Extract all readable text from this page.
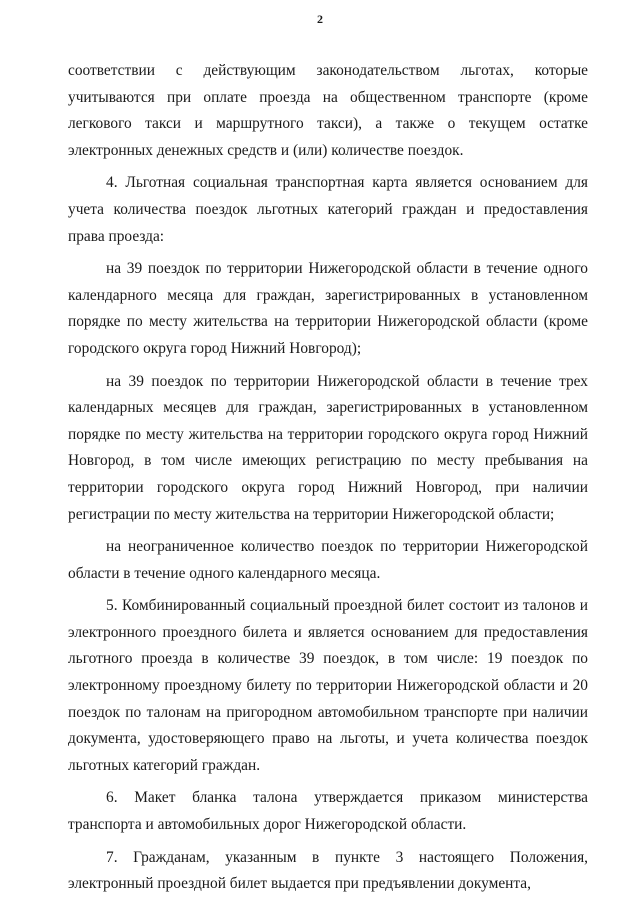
2

соответствии с действующим законодательством льготах, которые учитываются при оплате проезда на общественном транспорте (кроме легкового такси и маршрутного такси), а также о текущем остатке электронных денежных средств и (или) количестве поездок.

4. Льготная социальная транспортная карта является основанием для учета количества поездок льготных категорий граждан и предоставления права проезда:

на 39 поездок по территории Нижегородской области в течение одного календарного месяца для граждан, зарегистрированных в установленном порядке по месту жительства на территории Нижегородской области (кроме городского округа город Нижний Новгород);

на 39 поездок по территории Нижегородской области в течение трех календарных месяцев для граждан, зарегистрированных в установленном порядке по месту жительства на территории городского округа город Нижний Новгород, в том числе имеющих регистрацию по месту пребывания на территории городского округа город Нижний Новгород, при наличии регистрации по месту жительства на территории Нижегородской области;

на неограниченное количество поездок по территории Нижегородской области в течение одного календарного месяца.

5. Комбинированный социальный проездной билет состоит из талонов и электронного проездного билета и является основанием для предоставления льготного проезда в количестве 39 поездок, в том числе: 19 поездок по электронному проездному билету по территории Нижегородской области и 20 поездок по талонам на пригородном автомобильном транспорте при наличии документа, удостоверяющего право на льготы, и учета количества поездок льготных категорий граждан.

6. Макет бланка талона утверждается приказом министерства транспорта и автомобильных дорог Нижегородской области.

7. Гражданам, указанным в пункте 3 настоящего Положения, электронный проездной билет выдается при предъявлении документа,
